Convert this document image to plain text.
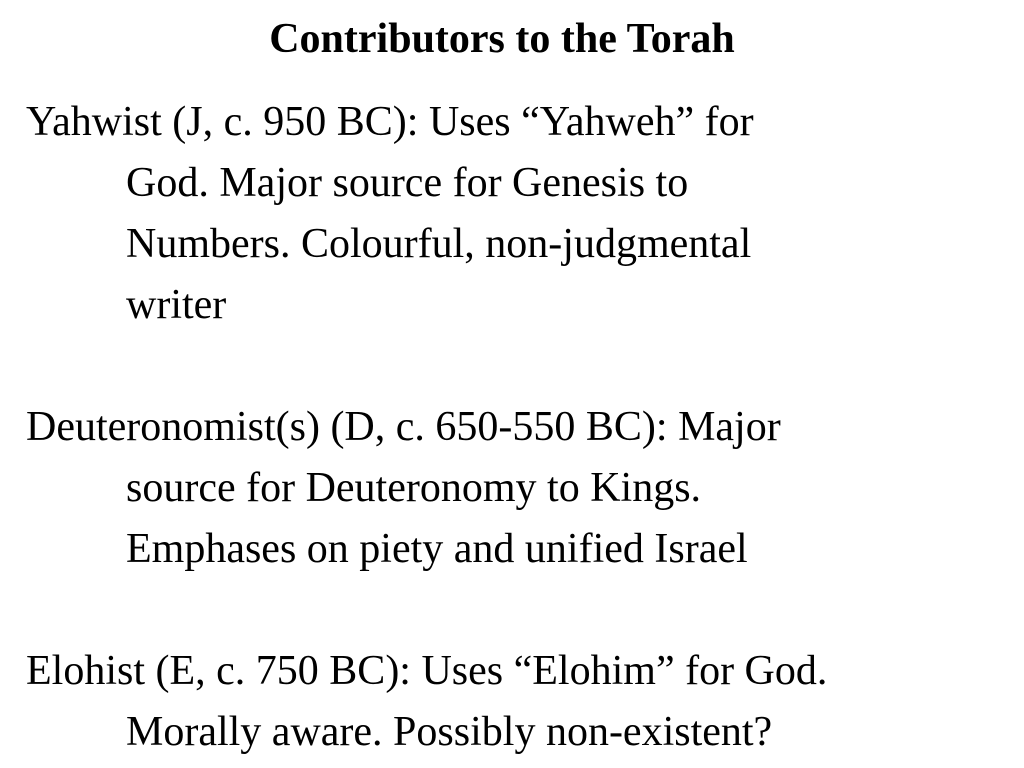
Contributors to the Torah

Yahwist (J, c. 950 BC): Uses “Yahweh” for

God. Major source for Genesis to

Numbers. Colourful, non-judgmental

writer

Deuteronomist(s) (D, c. 650-550 BC): Major

source for Deuteronomy to Kings.

Emphases on piety and unified Israel

Elohist (E, c. 750 BC): Uses “Elohim” for God.

Morally aware. Possibly non-existent?
